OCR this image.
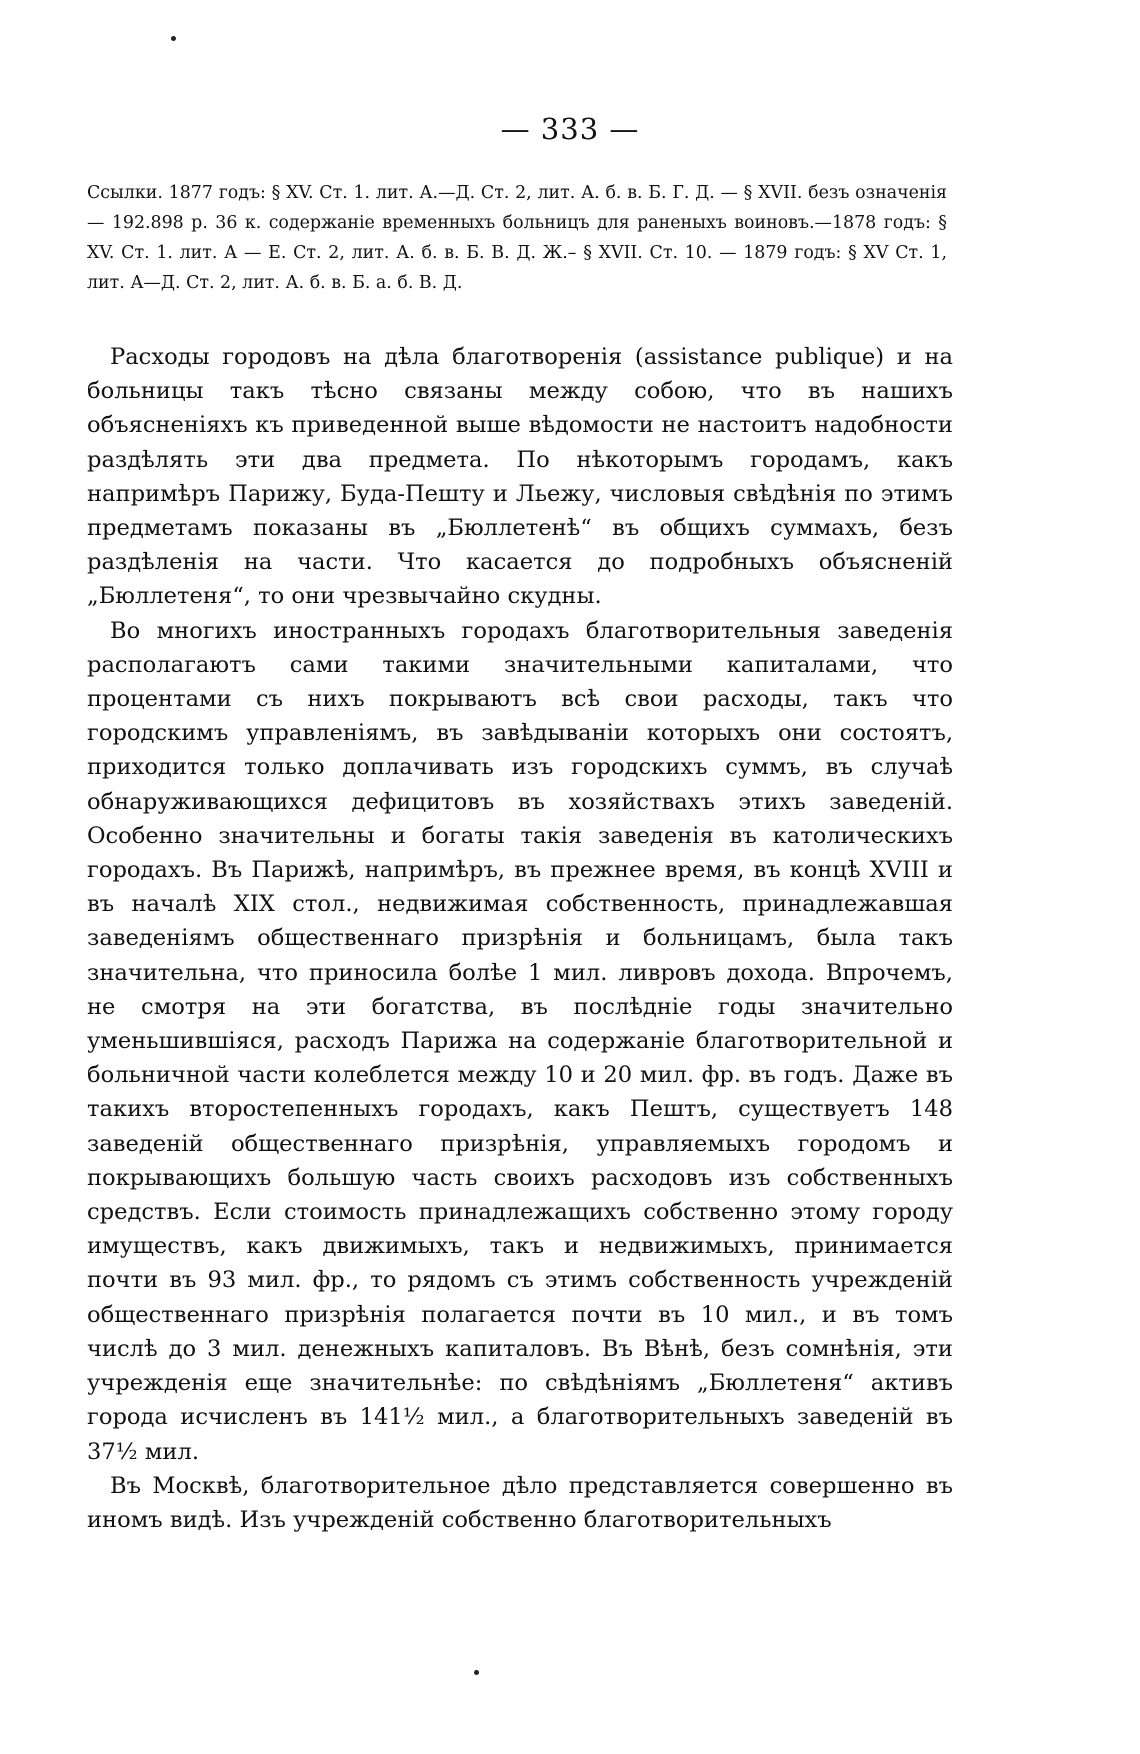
— 333 —
Ссылки. 1877 годъ: § XV. Ст. 1. лит. А.—Д. Ст. 2, лит. А. б. в. Б. Г. Д. — § XVII. безъ означенія — 192.898 р. 36 к. содержаніе временныхъ больницъ для раненыхъ воиновъ.—1878 годъ: § XV. Ст. 1. лит. А — Е. Ст. 2, лит. А. б. в. Б. В. Д. Ж.– § XVII. Ст. 10. — 1879 годъ: § XV Ст. 1, лит. А—Д. Ст. 2, лит. А. б. в. Б. а. б. В. Д.

Расходы городовъ на дѣла благотворенія (assistance publique) и на больницы такъ тѣсно связаны между собою, что въ нашихъ объясненіяхъ къ приведенной выше вѣдомости не настоитъ надобности раздѣлять эти два предмета. По нѣкоторымъ городамъ, какъ напримѣръ Парижу, Буда-Пешту и Льежу, числовыя свѣдѣнія по этимъ предметамъ показаны въ „Бюллетенѣ“ въ общихъ суммахъ, безъ раздѣленія на части. Что касается до подробныхъ объясненій „Бюллетеня“, то они чрезвычайно скудны.

Во многихъ иностранныхъ городахъ благотворительныя заведенія располагаютъ сами такими значительными капиталами, что процентами съ нихъ покрываютъ всѣ свои расходы, такъ что городскимъ управленіямъ, въ завѣдываніи которыхъ они состоятъ, приходится только доплачивать изъ городскихъ суммъ, въ случаѣ обнаруживающихся дефицитовъ въ хозяйствахъ этихъ заведеній. Особенно значительны и богаты такія заведенія въ католическихъ городахъ. Въ Парижѣ, напримѣръ, въ прежнее время, въ концѣ XVIII и въ началѣ XIX стол., недвижимая собственность, принадлежавшая заведеніямъ общественнаго призрѣнія и больницамъ, была такъ значительна, что приносила болѣе 1 мил. ливровъ дохода. Впрочемъ, не смотря на эти богатства, въ послѣдніе годы значительно уменьшившіяся, расходъ Парижа на содержаніе благотворительной и больничной части колеблется между 10 и 20 мил. фр. въ годъ. Даже въ такихъ второстепенныхъ городахъ, какъ Пештъ, существуетъ 148 заведеній общественнаго призрѣнія, управляемыхъ городомъ и покрывающихъ большую часть своихъ расходовъ изъ собственныхъ средствъ. Если стоимость принадлежащихъ собственно этому городу имуществъ, какъ движимыхъ, такъ и недвижимыхъ, принимается почти въ 93 мил. фр., то рядомъ съ этимъ собственность учрежденій общественнаго призрѣнія полагается почти въ 10 мил., и въ томъ числѣ до 3 мил. денежныхъ капиталовъ. Въ Вѣнѣ, безъ сомнѣнія, эти учрежденія еще значительнѣе: по свѣдѣніямъ „Бюллетеня“ активъ города исчисленъ въ 141½ мил., а благотворительныхъ заведеній въ 37½ мил.

Въ Москвѣ, благотворительное дѣло представляется совершенно въ иномъ видѣ. Изъ учрежденій собственно благотворительныхъ
